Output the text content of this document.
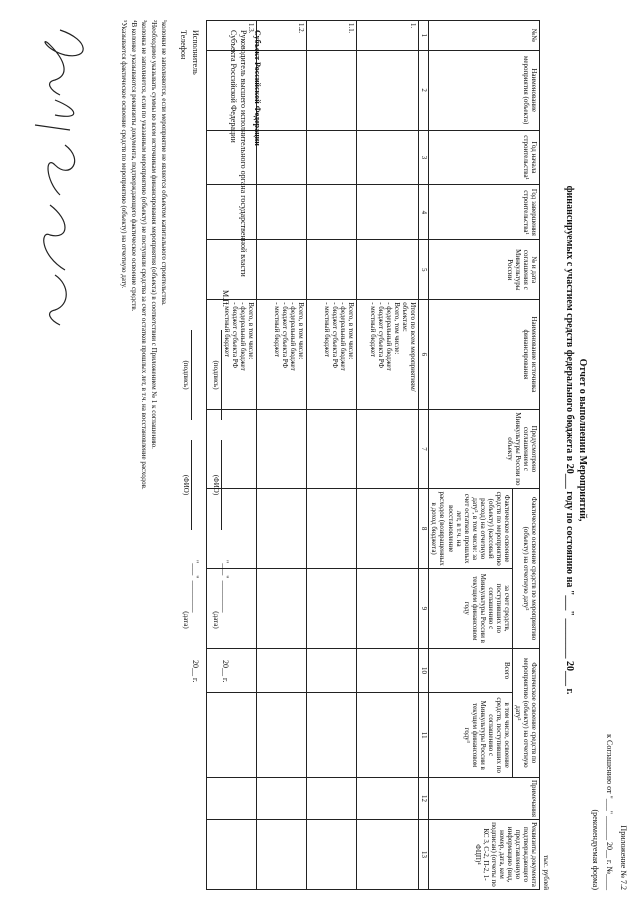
Приложение № 7.2
к Соглашению от "___" ______ 20__ г. №____
(рекомендуемая форма)
Отчет о выполнении Мероприятий,
финансируемых с участием средств федерального бюджета в 20___ году по состоянию на "___" ________ 20___ г.
тыс. рублей
№№	Наименование мероприятия (объекта)	Год начала строительства¹	Год завершения строительства¹	№ и дата соглашения с Минкультуры России	Наименование источника финансирования	Предусмотрено соглашением с Минкультуры России по объекту	Фактическое освоение средств по мероприятию (объекту) на отчетную дату²		Фактическое освоение средств по мероприятию (объекту) на отчетную дату²		Примечания	Реквизиты документа подтверждающего представленную информацию (вид, номер, дата, кем подписан) (отчеты по КС 3, С-2, П-2, 1-ФЦП)⁴
							Фактическое освоение средств по мероприятию (объекту) (кассовый расход) на отчетную дату², в том числе: за счет остатков прошлых лет, в т.ч. на восстановление расходов (возвращенных в доход бюджета)	за счет средств, поступивших по соглашению с Минкультуры России в текущем финансовом году	Всего	в том числе, освоение средств, поступивших по соглашению с Минкультуры России в текущем финансовом году³		
1	2	3	4	5	6	7	8	9	10	11	12	13
1.					Итого по всем мероприятиям/объектам:
Всего, том числе:
- федеральный бюджет
- бюджет субъекта РФ
- местный бюджет							

1.1.					Всего, в том числе:
- федеральный бюджет
- бюджет субъекта РФ
- местный бюджет							

1.2.					Всего, в том числе:
- федеральный бюджет
- бюджет субъекта РФ
- местный бюджет							

1.3.					Всего, в том числе:
- федеральный бюджет
- бюджет субъекта РФ
- местный бюджет							

Субъект Российской Федерации
Руководитель высшего исполнительного органа государственной власти Субъекта Российской Федерации
М.П.
(подпись)
(ФИО)
"___" ________
20__ г.
(дата)
Исполнитель
Телефон
(подпись)
(ФИО)
"___" ________
20__ г.
(дата)
¹колонки не заполняются, если мероприятие не является объектом капитального строительства.
²Необходимо указывать суммы во всем источникам финансирования мероприятия (объекта) в соответствии с Приложением № 1 к соглашению.
³колонка не заполняется, если по указанным мероприятию (объекту) не поступили средства за счет остатков прошлых лет, в т.ч. на восстановление расходов.
⁴В колонке указываются реквизиты документа, подтверждающего фактическое освоение средств.
⁵Указывается фактическое освоение средств по мероприятию (объекту) на отчетную дату.
